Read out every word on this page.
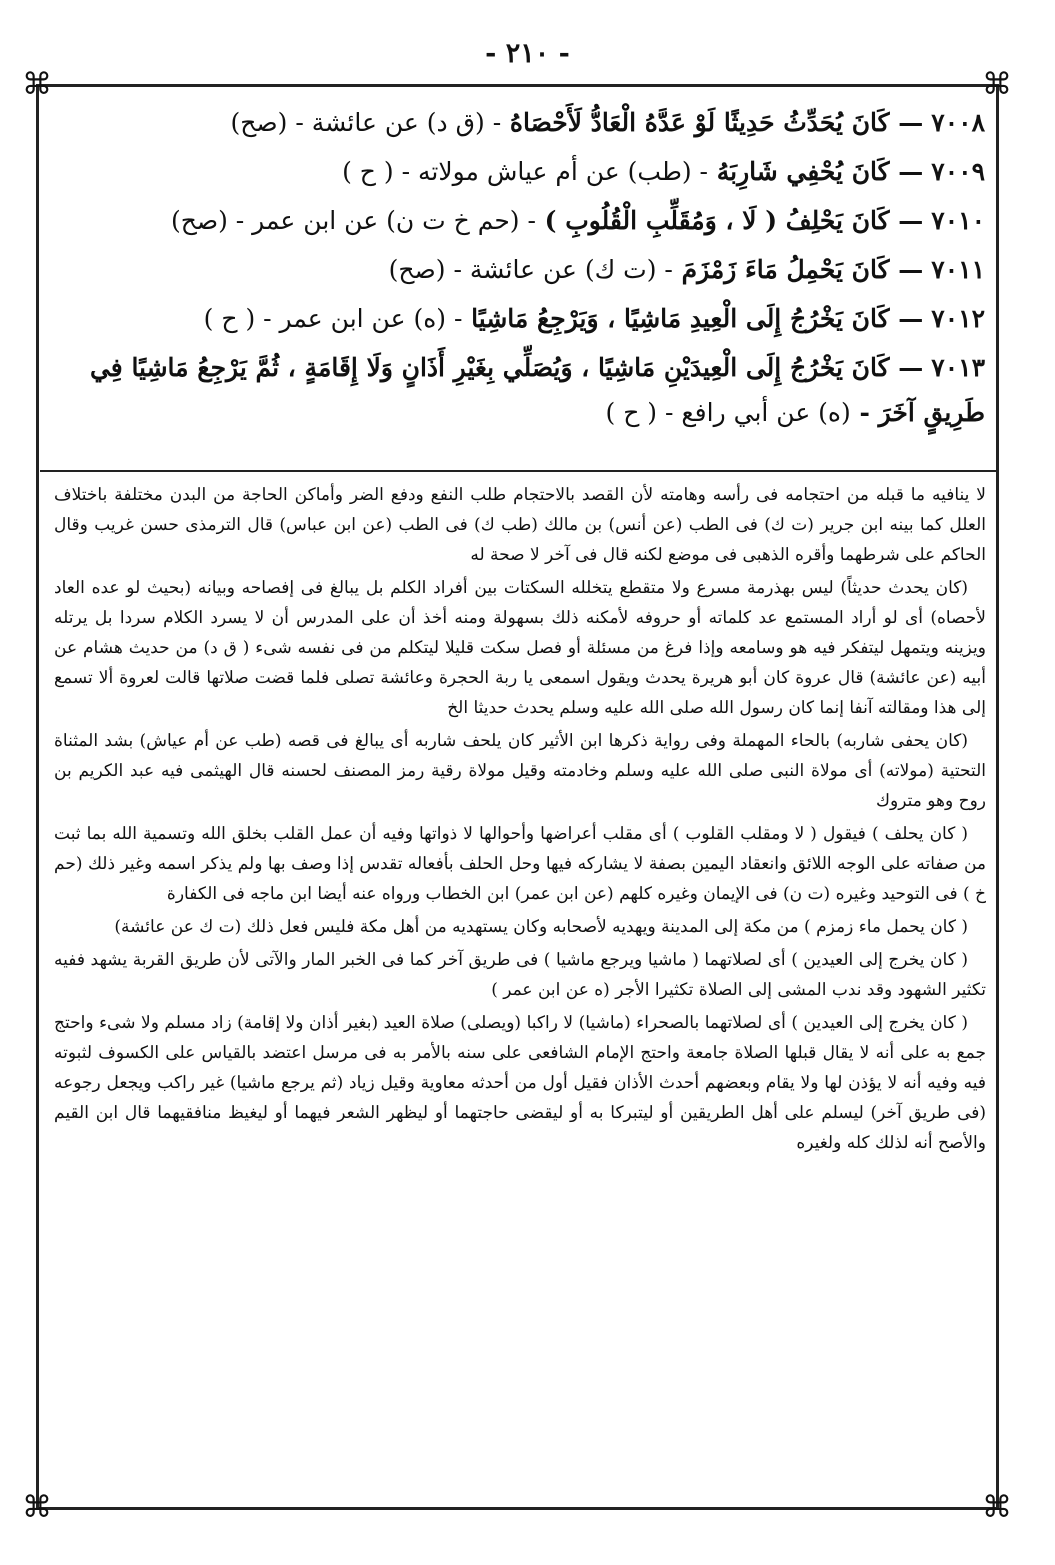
- ٢١٠ -
⌘	⌘
⌘	⌘
٧٠٠٨— كَانَ يُحَدِّثُ حَدِيثًا لَوْ عَدَّهُ الْعَادُّ لَأَحْصَاهُ - (ق د) عن عائشة - (صح)
٧٠٠٩— كَانَ يُحْفِي شَارِبَهُ - (طب) عن أم عياش مولاته - ( ح )
٧٠١٠— كَانَ يَحْلِفُ ( لَا ، وَمُقَلِّبِ الْقُلُوبِ ) - (حم خ ت ن) عن ابن عمر - (صح)
٧٠١١— كَانَ يَحْمِلُ مَاءَ زَمْزَمَ - (ت ك) عن عائشة - (صح)
٧٠١٢— كَانَ يَخْرُجُ إِلَى الْعِيدِ مَاشِيًا ، وَيَرْجِعُ مَاشِيًا - (ه) عن ابن عمر - ( ح )
٧٠١٣— كَانَ يَخْرُجُ إِلَى الْعِيدَيْنِ مَاشِيًا ، وَيُصَلِّي بِغَيْرِ أَذَانٍ وَلَا إِقَامَةٍ ، ثُمَّ يَرْجِعُ مَاشِيًا فِي طَرِيقٍ آخَرَ - (ه) عن أبي رافع - ( ح )

لا ينافيه ما قبله من احتجامه فى رأسه وهامته لأن القصد بالاحتجام طلب النفع ودفع الضر وأماكن الحاجة من البدن مختلفة باختلاف العلل كما بينه ابن جرير (ت ك) فى الطب (عن أنس) بن مالك (طب ك) فى الطب (عن ابن عباس) قال الترمذى حسن غريب وقال الحاكم على شرطهما وأقره الذهبى فى موضع لكنه قال فى آخر لا صحة له

(كان يحدث حديثاً) ليس بهذرمة مسرع ولا متقطع يتخلله السكتات بين أفراد الكلم بل يبالغ فى إفصاحه وبيانه (بحيث لو عده العاد لأحصاه) أى لو أراد المستمع عد كلماته أو حروفه لأمكنه ذلك بسهولة ومنه أخذ أن على المدرس أن لا يسرد الكلام سردا بل يرتله ويزينه ويتمهل ليتفكر فيه هو وسامعه وإذا فرغ من مسئلة أو فصل سكت قليلا ليتكلم من فى نفسه شىء ( ق د) من حديث هشام عن أبيه (عن عائشة) قال عروة كان أبو هريرة يحدث ويقول اسمعى يا ربة الحجرة وعائشة تصلى فلما قضت صلاتها قالت لعروة ألا تسمع إلى هذا ومقالته آنفا إنما كان رسول الله صلى الله عليه وسلم يحدث حديثا الخ

(كان يحفى شاربه) بالحاء المهملة وفى رواية ذكرها ابن الأثير كان يلحف شاربه أى يبالغ فى قصه (طب عن أم عياش) بشد المثناة التحتية (مولاته) أى مولاة النبى صلى الله عليه وسلم وخادمته وقيل مولاة رقية رمز المصنف لحسنه قال الهيثمى فيه عبد الكريم بن روح وهو متروك

( كان يحلف ) فيقول ( لا ومقلب القلوب ) أى مقلب أعراضها وأحوالها لا ذواتها وفيه أن عمل القلب بخلق الله وتسمية الله بما ثبت من صفاته على الوجه اللائق وانعقاد اليمين بصفة لا يشاركه فيها وحل الحلف بأفعاله تقدس إذا وصف بها ولم يذكر اسمه وغير ذلك (حم خ ) فى التوحيد وغيره (ت ن) فى الإيمان وغيره كلهم (عن ابن عمر) ابن الخطاب ورواه عنه أيضا ابن ماجه فى الكفارة

( كان يحمل ماء زمزم ) من مكة إلى المدينة ويهديه لأصحابه وكان يستهديه من أهل مكة فليس فعل ذلك (ت ك عن عائشة)

( كان يخرج إلى العيدين ) أى لصلاتهما ( ماشيا ويرجع ماشيا ) فى طريق آخر كما فى الخبر المار والآتى لأن طريق القربة يشهد ففيه تكثير الشهود وقد ندب المشى إلى الصلاة تكثيرا الأجر (ه عن ابن عمر )

( كان يخرج إلى العيدين ) أى لصلاتهما بالصحراء (ماشيا) لا راكبا (ويصلى) صلاة العيد (بغير أذان ولا إقامة) زاد مسلم ولا شىء واحتج جمع به على أنه لا يقال قبلها الصلاة جامعة واحتج الإمام الشافعى على سنه بالأمر به فى مرسل اعتضد بالقياس على الكسوف لثبوته فيه وفيه أنه لا يؤذن لها ولا يقام وبعضهم أحدث الأذان فقيل أول من أحدثه معاوية وقيل زياد (ثم يرجع ماشيا) غير راكب ويجعل رجوعه (فى طريق آخر) ليسلم على أهل الطريقين أو ليتبركا به أو ليقضى حاجتهما أو ليظهر الشعر فيهما أو ليغيظ منافقيهما قال ابن القيم والأصح أنه لذلك كله ولغيره
